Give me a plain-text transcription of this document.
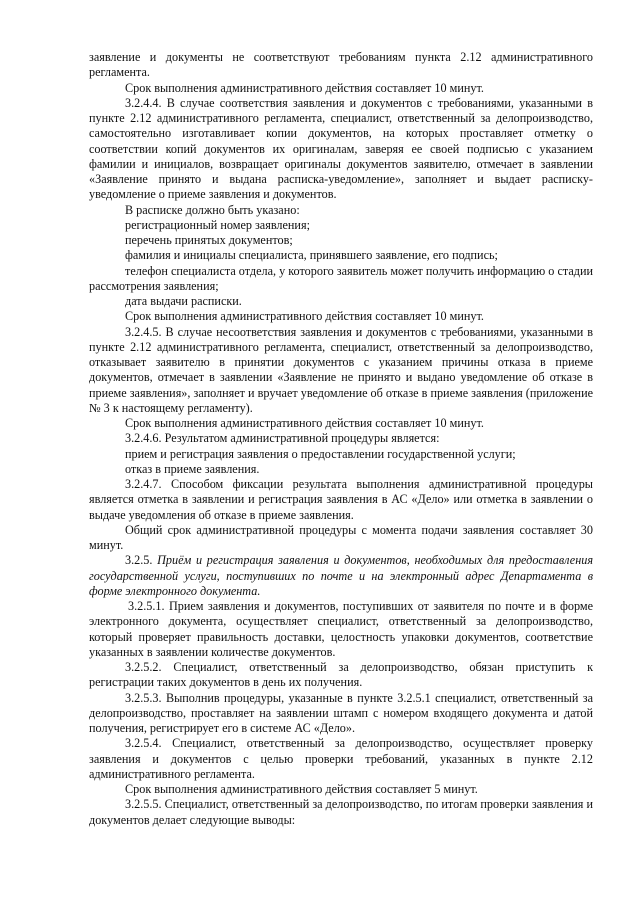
заявление и документы не соответствуют требованиям пункта 2.12 административного регламента.

Срок выполнения административного действия составляет 10 минут.

3.2.4.4. В случае соответствия заявления и документов с требованиями, указанными в пункте 2.12 административного регламента, специалист, ответственный за делопроизводство, самостоятельно изготавливает копии документов, на которых проставляет отметку о соответствии копий документов их оригиналам, заверяя ее своей подписью с указанием фамилии и инициалов, возвращает оригиналы документов заявителю, отмечает в заявлении «Заявление принято и выдана расписка-уведомление», заполняет и выдает расписку-уведомление о приеме заявления и документов.

В расписке должно быть указано:

регистрационный номер заявления;

перечень принятых документов;

фамилия и инициалы специалиста, принявшего заявление, его подпись;

телефон специалиста отдела, у которого заявитель может получить информацию о стадии рассмотрения заявления;

дата выдачи расписки.

Срок выполнения административного действия составляет 10 минут.

3.2.4.5. В случае несоответствия заявления и документов с требованиями, указанными в пункте 2.12 административного регламента, специалист, ответственный за делопроизводство, отказывает заявителю в принятии документов с указанием причины отказа в приеме документов, отмечает в заявлении «Заявление не принято и выдано уведомление об отказе в приеме заявления», заполняет и вручает уведомление об отказе в приеме заявления (приложение № 3 к настоящему регламенту).

Срок выполнения административного действия составляет 10 минут.

3.2.4.6. Результатом административной процедуры является:

прием и регистрация заявления о предоставлении государственной услуги;

отказ в приеме заявления.

3.2.4.7. Способом фиксации результата выполнения административной процедуры является отметка в заявлении и регистрация заявления в АС «Дело» или отметка в заявлении о выдаче уведомления об отказе в приеме заявления.

Общий срок административной процедуры с момента подачи заявления составляет 30 минут.

3.2.5. Приём и регистрация заявления и документов, необходимых для предоставления государственной услуги, поступивших по почте и на электронный адрес Департамента в форме электронного документа.

3.2.5.1. Прием заявления и документов, поступивших от заявителя по почте и в форме электронного документа, осуществляет специалист, ответственный за делопроизводство, который проверяет правильность доставки, целостность упаковки документов, соответствие указанных в заявлении количестве документов.

3.2.5.2. Специалист, ответственный за делопроизводство, обязан приступить к регистрации таких документов в день их получения.

3.2.5.3. Выполнив процедуры, указанные в пункте 3.2.5.1 специалист, ответственный за делопроизводство, проставляет на заявлении штамп с номером входящего документа и датой получения, регистрирует его в системе АС «Дело».

3.2.5.4. Специалист, ответственный за делопроизводство, осуществляет проверку заявления и документов с целью проверки требований, указанных в пункте 2.12 административного регламента.

Срок выполнения административного действия составляет 5 минут.

3.2.5.5. Специалист, ответственный за делопроизводство, по итогам проверки заявления и документов делает следующие выводы:
